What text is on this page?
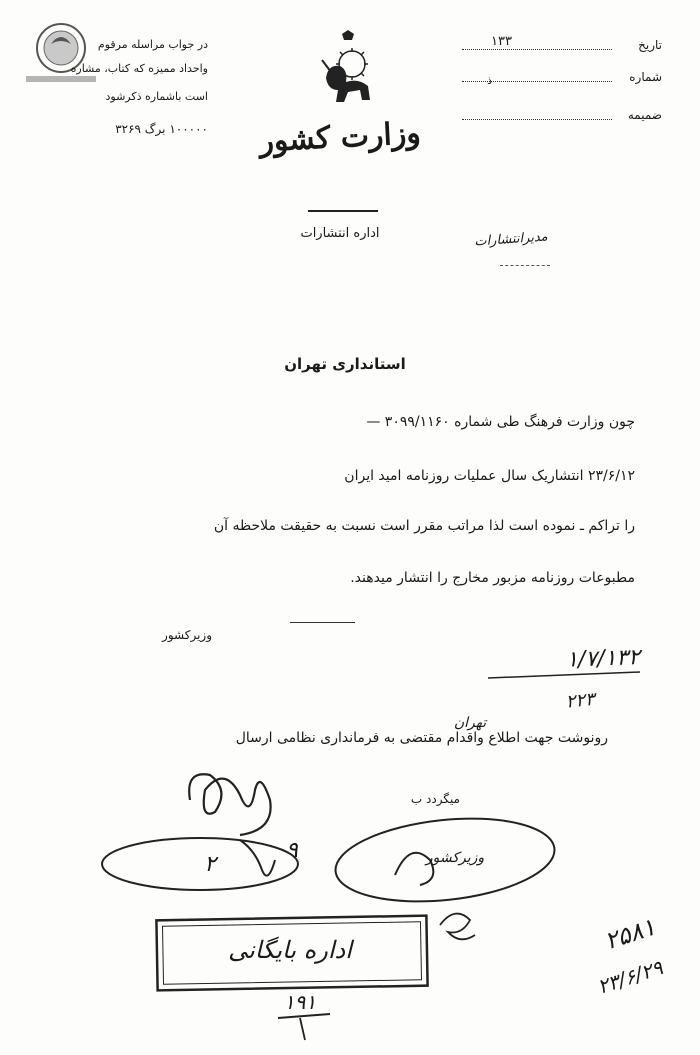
در جواب مراسله مرقوم
واحداد ممیزه که کتاب، مشاره
است باشماره ذکرشود
۱۰۰۰۰۰ برگ ۳۲۶۹
تاریخ
۱۳۳
شماره
ذ
ضمیمه
وزارت کشور
اداره انتشارات	مدیرانتشارات
استانداری تهران
چون وزارت فرهنگ طی شماره ۳۰۹۹/۱۱۶۰ —
۲۳/۶/۱۲ انتشاریک سال عملیات روزنامه امید ایران
را تراکم ـ نموده است لذا مراتب مقرر است نسبت به حقیقت ملاحظه آن
مطبوعات روزنامه مزبور مخارج را انتشار میدهند.
وزیرکشور
۱/۷/۱۳۲
۲۲۳
تهران
رونوشت جهت اطلاع واقدام مقتضی به فرمانداری نظامی ارسال
میگردد ب
۲
۹	وزیرکشور
اداره بایگانی
۱۹۱
۲۵۸۱
۲۳/۶/۲۹
